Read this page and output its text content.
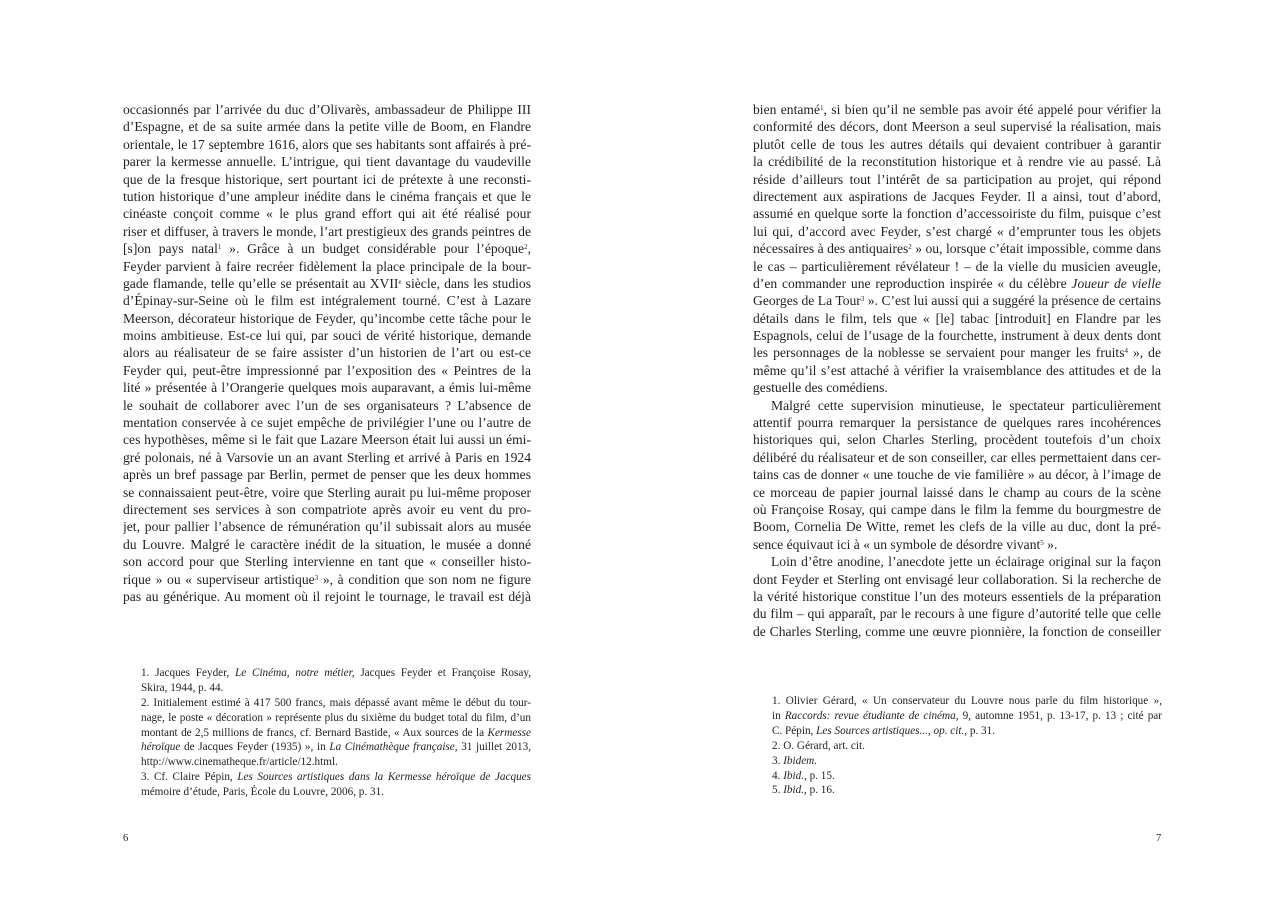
occasionnés par l’arrivée du duc d’Olivarès, ambassadeur de Philippe III
d’Espagne, et de sa suite armée dans la petite ville de Boom, en Flandre
orientale, le 17 septembre 1616, alors que ses habitants sont affairés à pré-
parer la kermesse annuelle. L’intrigue, qui tient davantage du vaudeville
que de la fresque historique, sert pourtant ici de prétexte à une reconsti-
tution historique d’une ampleur inédite dans le cinéma français et que le
cinéaste conçoit comme « le plus grand effort qui ait été réalisé pour
riser et diffuser, à travers le monde, l’art prestigieux des grands peintres de
[s]on pays natal$^1$ ». Grâce à un budget considérable pour l’époque$^2$,
Feyder parvient à faire recréer fidèlement la place principale de la bour-
gade flamande, telle qu’elle se présentait au XVIIe siècle, dans les studios
d’Épinay-sur-Seine où le film est intégralement tourné. C’est à Lazare
Meerson, décorateur historique de Feyder, qu’incombe cette tâche pour le
moins ambitieuse. Est-ce lui qui, par souci de vérité historique, demande
alors au réalisateur de se faire assister d’un historien de l’art ou est-ce
Feyder qui, peut-être impressionné par l’exposition des « Peintres de la
lité » présentée à l’Orangerie quelques mois auparavant, a émis lui-même
le souhait de collaborer avec l’un de ses organisateurs ? L’absence de
mentation conservée à ce sujet empêche de privilégier l’une ou l’autre de
ces hypothèses, même si le fait que Lazare Meerson était lui aussi un émi-
gré polonais, né à Varsovie un an avant Sterling et arrivé à Paris en 1924
après un bref passage par Berlin, permet de penser que les deux hommes
se connaissaient peut-être, voire que Sterling aurait pu lui-même proposer
directement ses services à son compatriote après avoir eu vent du pro-
jet, pour pallier l’absence de rémunération qu’il subissait alors au musée
du Louvre. Malgré le caractère inédit de la situation, le musée a donné
son accord pour que Sterling intervienne en tant que « conseiller histo-
rique » ou « superviseur artistique$^3$ », à condition que son nom ne figure
pas au générique. Au moment où il rejoint le tournage, le travail est déjà
1. Jacques Feyder, Le Cinéma, notre métier, Jacques Feyder et Françoise Rosay,
Skira, 1944, p. 44.
2. Initialement estimé à 417 500 francs, mais dépassé avant même le début du tour-
nage, le poste « décoration » représente plus du sixième du budget total du film, d’un
montant de 2,5 millions de francs, cf. Bernard Bastide, « Aux sources de la Kermesse
héroïque de Jacques Feyder (1935) », in La Cinémathèque française, 31 juillet 2013,
http://www.cinematheque.fr/article/12.html.
3. Cf. Claire Pépin, Les Sources artistiques dans la Kermesse héroïque de Jacques
mémoire d’étude, Paris, École du Louvre, 2006, p. 31.
6
bien entamé$^1$, si bien qu’il ne semble pas avoir été appelé pour vérifier la
conformité des décors, dont Meerson a seul supervisé la réalisation, mais
plutôt celle de tous les autres détails qui devaient contribuer à garantir
la crédibilité de la reconstitution historique et à rendre vie au passé. Là
réside d’ailleurs tout l’intérêt de sa participation au projet, qui répond
directement aux aspirations de Jacques Feyder. Il a ainsi, tout d’abord,
assumé en quelque sorte la fonction d’accessoiriste du film, puisque c’est
lui qui, d’accord avec Feyder, s’est chargé « d’emprunter tous les objets
nécessaires à des antiquaires$^2$ » ou, lorsque c’était impossible, comme dans
le cas – particulièrement révélateur ! – de la vielle du musicien aveugle,
d’en commander une reproduction inspirée « du célèbre Joueur de vielle
Georges de La Tour$^3$ ». C’est lui aussi qui a suggéré la présence de certains
détails dans le film, tels que « [le] tabac [introduit] en Flandre par les
Espagnols, celui de l’usage de la fourchette, instrument à deux dents dont
les personnages de la noblesse se servaient pour manger les fruits$^4$ », de
même qu’il s’est attaché à vérifier la vraisemblance des attitudes et de la
gestuelle des comédiens.
Malgré cette supervision minutieuse, le spectateur particulièrement
attentif pourra remarquer la persistance de quelques rares incohérences
historiques qui, selon Charles Sterling, procèdent toutefois d’un choix
délibéré du réalisateur et de son conseiller, car elles permettaient dans cer-
tains cas de donner « une touche de vie familière » au décor, à l’image de
ce morceau de papier journal laissé dans le champ au cours de la scène
où Françoise Rosay, qui campe dans le film la femme du bourgmestre de
Boom, Cornelia De Witte, remet les clefs de la ville au duc, dont la pré-
sence équivaut ici à « un symbole de désordre vivant$^5$ ».
Loin d’être anodine, l’anecdote jette un éclairage original sur la façon
dont Feyder et Sterling ont envisagé leur collaboration. Si la recherche de
la vérité historique constitue l’un des moteurs essentiels de la préparation
du film – qui apparaît, par le recours à une figure d’autorité telle que celle
de Charles Sterling, comme une œuvre pionnière, la fonction de conseiller
1. Olivier Gérard, « Un conservateur du Louvre nous parle du film historique »,
in Raccords: revue étudiante de cinéma, 9, automne 1951, p. 13-17, p. 13 ; cité par
C. Pépin, Les Sources artistiques..., op. cit., p. 31.
2. O. Gérard, art. cit.
3. Ibidem.
4. Ibid., p. 15.
5. Ibid., p. 16.
7
